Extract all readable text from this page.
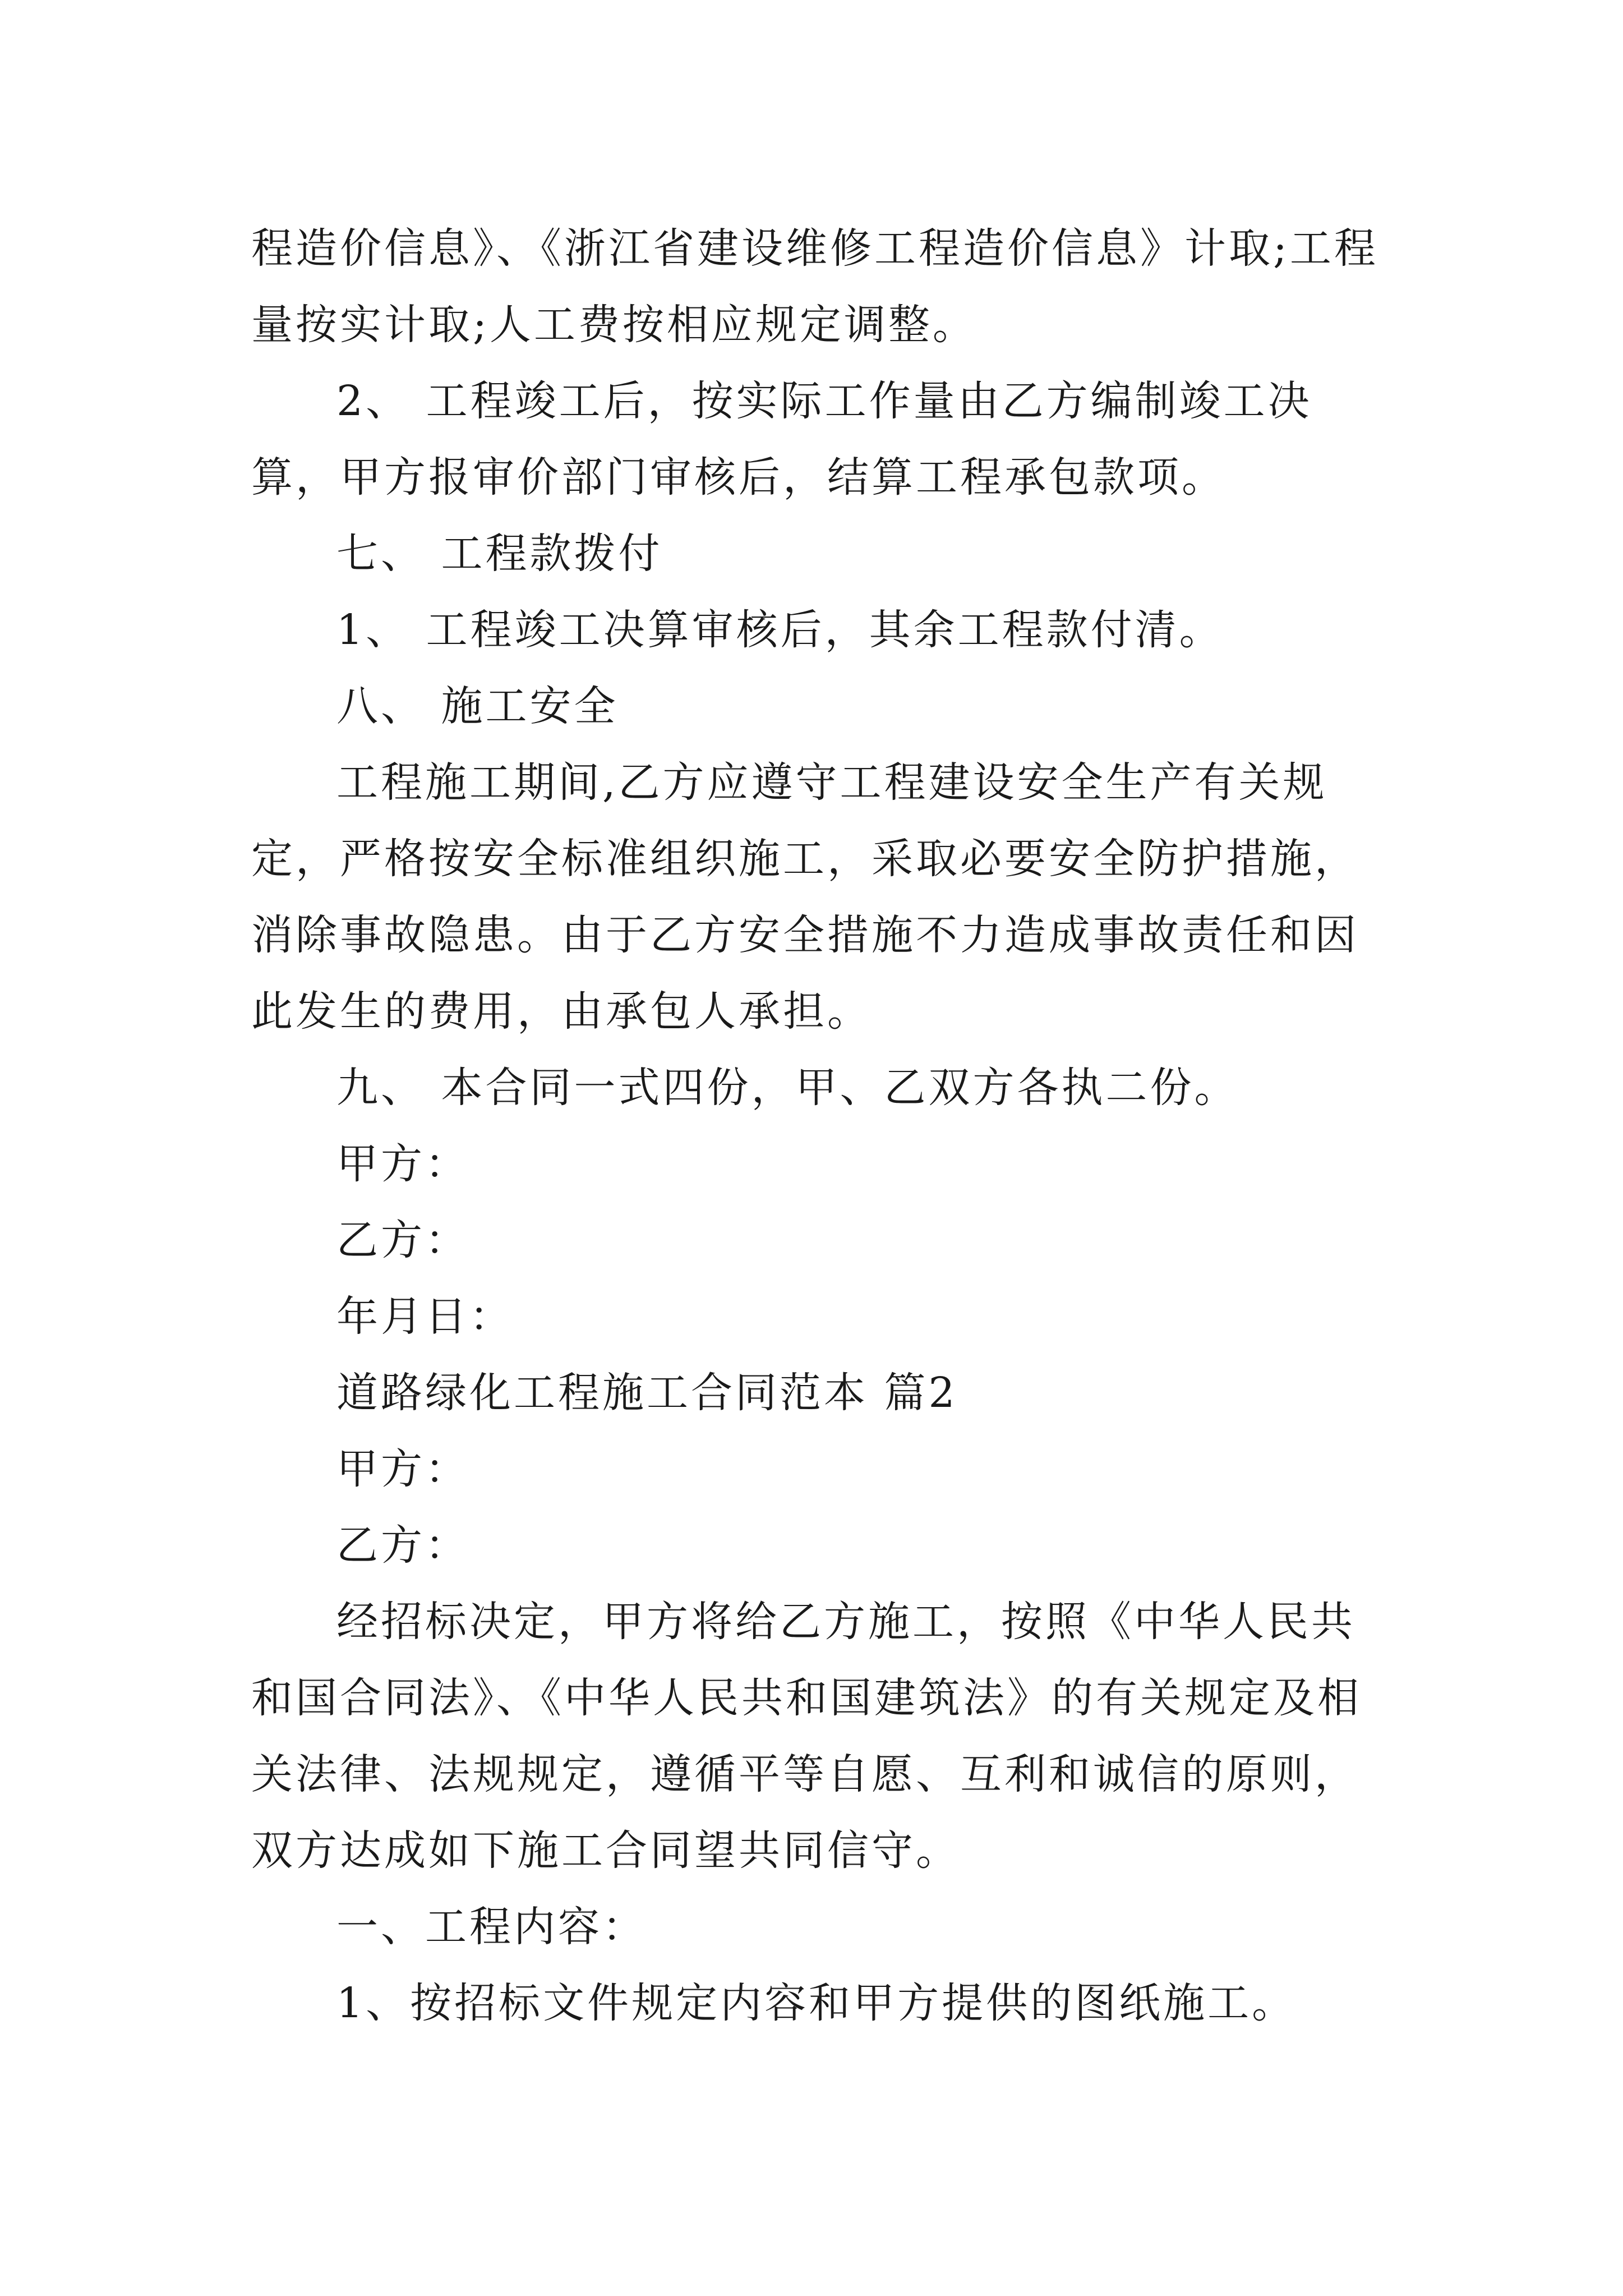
程造价信息》、《浙江省建设维修工程造价信息》计取;工程量按实计取;人工费按相应规定调整。

2、 工程竣工后，按实际工作量由乙方编制竣工决算，甲方报审价部门审核后，结算工程承包款项。

七、 工程款拨付

1、 工程竣工决算审核后，其余工程款付清。

八、 施工安全

工程施工期间,乙方应遵守工程建设安全生产有关规定，严格按安全标准组织施工，采取必要安全防护措施，消除事故隐患。由于乙方安全措施不力造成事故责任和因此发生的费用，由承包人承担。

九、 本合同一式四份，甲、乙双方各执二份。

甲方：

乙方：

年月日：

道路绿化工程施工合同范本 篇2

甲方：

乙方：

经招标决定，甲方将给乙方施工，按照《中华人民共和国合同法》、《中华人民共和国建筑法》的有关规定及相关法律、法规规定，遵循平等自愿、互利和诚信的原则，双方达成如下施工合同望共同信守。

一、工程内容：

1、按招标文件规定内容和甲方提供的图纸施工。
